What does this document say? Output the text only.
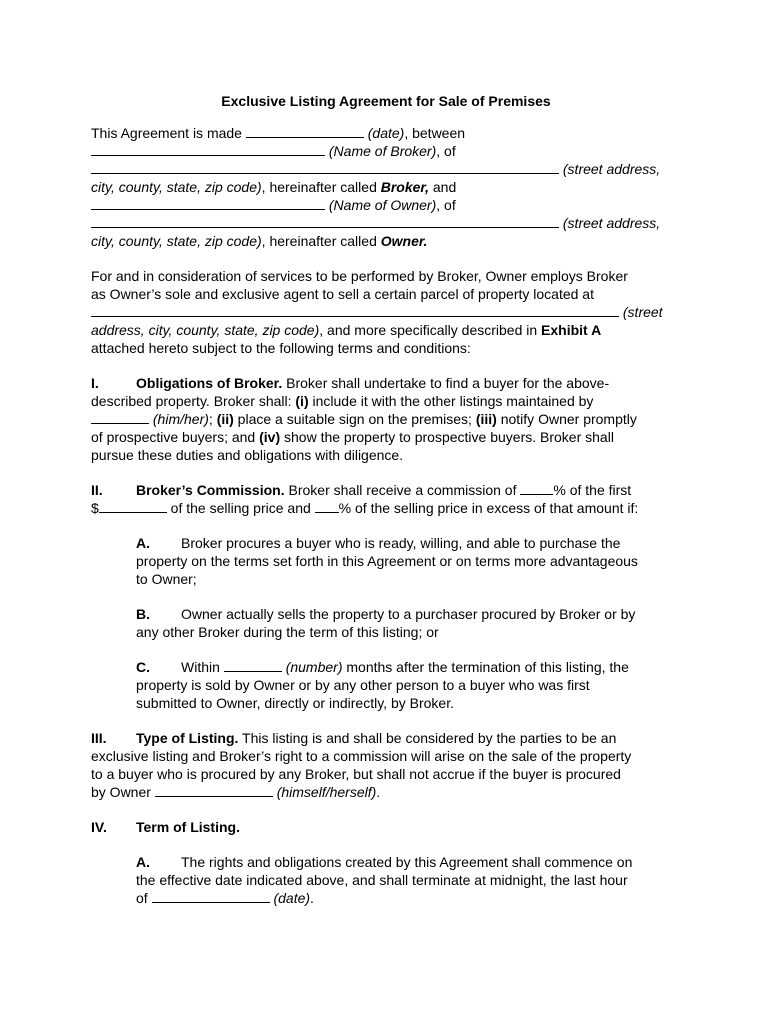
Exclusive Listing Agreement for Sale of Premises

This Agreement is made	(date), between

(Name of Broker), of

(street address,

city, county, state, zip code), hereinafter called Broker, and

(Name of Owner), of

(street address,

city, county, state, zip code), hereinafter called Owner.

For and in consideration of services to be performed by Broker, Owner employs Broker

as Owner’s sole and exclusive agent to sell a certain parcel of property located at

(street

address, city, county, state, zip code), and more specifically described in Exhibit A

attached hereto subject to the following terms and conditions:

I.	Obligations of Broker. Broker shall undertake to find a buyer for the above-

described property. Broker shall: (i) include it with the other listings maintained by

(him/her); (ii) place a suitable sign on the premises; (iii) notify Owner promptly

of prospective buyers; and (iv) show the property to prospective buyers. Broker shall

pursue these duties and obligations with diligence.

II. Broker’s Commission. Broker shall receive a commission of % of the first

$	of the selling price and % of the selling price in excess of that amount if:

A. Broker procures a buyer who is ready, willing, and able to purchase the

property on the terms set forth in this Agreement or on terms more advantageous

to Owner;

B. Owner actually sells the property to a purchaser procured by Broker or by

any other Broker during the term of this listing; or

C. Within	(number) months after the termination of this listing, the

property is sold by Owner or by any other person to a buyer who was first

submitted to Owner, directly or indirectly, by Broker.

III. Type of Listing. This listing is and shall be considered by the parties to be an

exclusive listing and Broker’s right to a commission will arise on the sale of the property

to a buyer who is procured by any Broker, but shall not accrue if the buyer is procured

by Owner	(himself/herself).

IV. Term of Listing.

A. The rights and obligations created by this Agreement shall commence on

the effective date indicated above, and shall terminate at midnight, the last hour

of	(date).
